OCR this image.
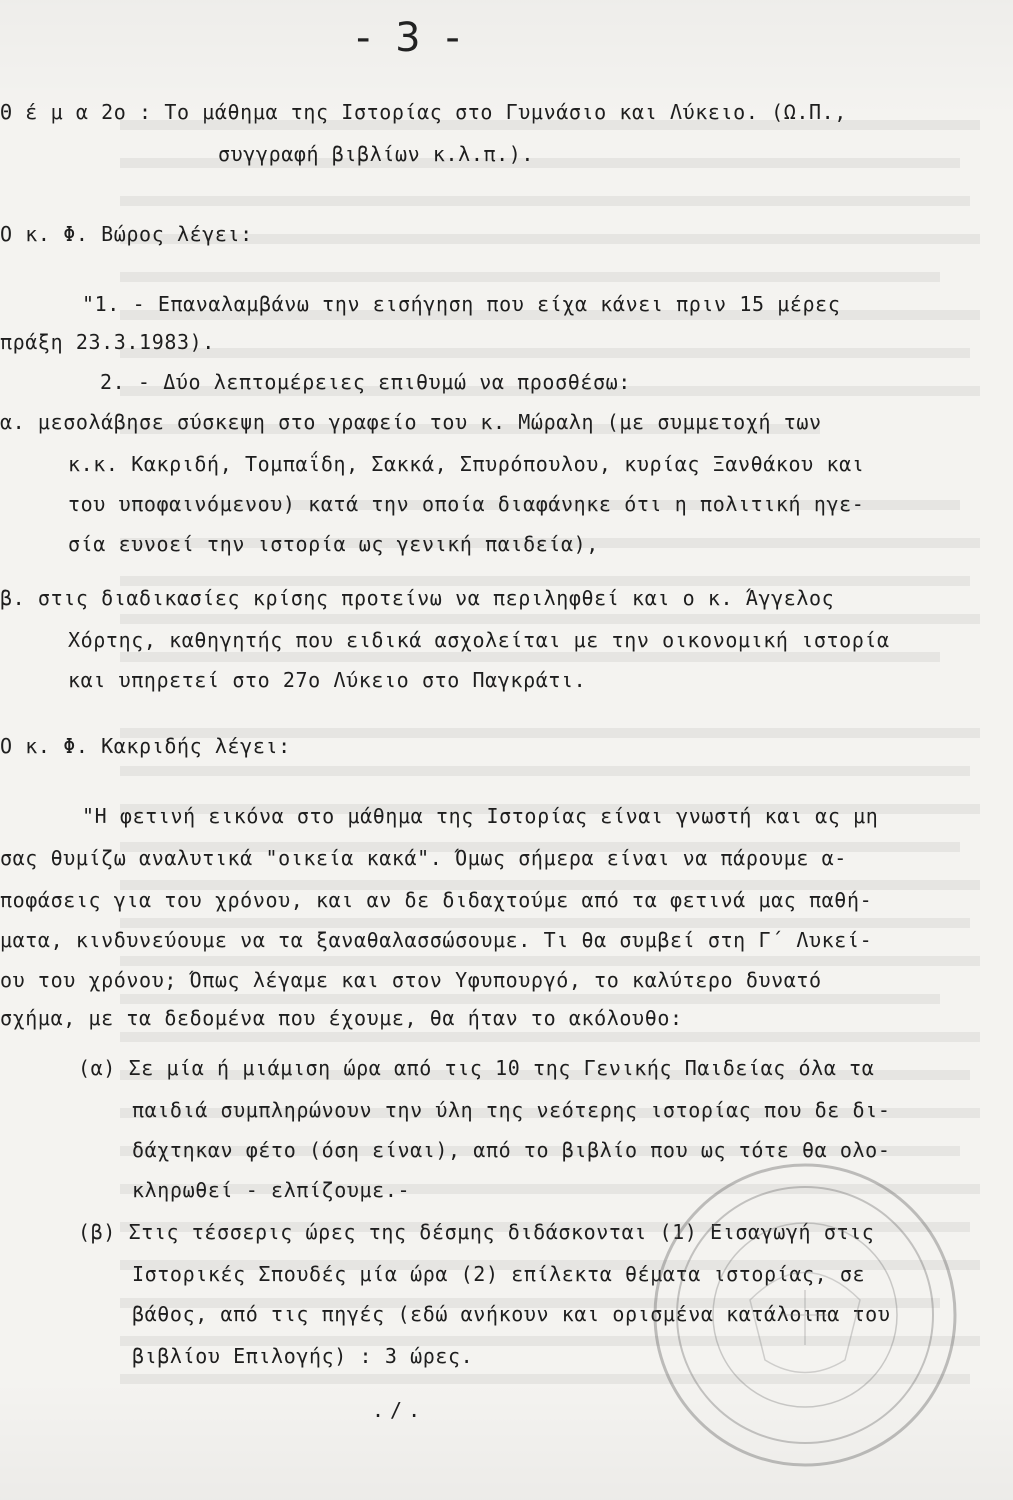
- 3 -
Θ έ μ α 2ο : Το μάθημα της Ιστορίας στο Γυμνάσιο και Λύκειο. (Ω.Π.,
συγγραφή βιβλίων κ.λ.π.).
Ο κ. Φ. Βώρος λέγει:
"1. - Επαναλαμβάνω την εισήγηση που είχα κάνει πριν 15 μέρες
πράξη 23.3.1983).
2. - Δύο λεπτομέρειες επιθυμώ να προσθέσω:
α. μεσολάβησε σύσκεψη στο γραφείο του κ. Μώραλη (με συμμετοχή των
κ.κ. Κακριδή, Τομπαΐδη, Σακκά, Σπυρόπουλου, κυρίας Ξανθάκου και
του υποφαινόμενου) κατά την οποία διαφάνηκε ότι η πολιτική ηγε-
σία ευνοεί την ιστορία ως γενική παιδεία),
β. στις διαδικασίες κρίσης προτείνω να περιληφθεί και ο κ. Άγγελος
Χόρτης, καθηγητής που ειδικά ασχολείται με την οικονομική ιστορία
και υπηρετεί στο 27ο Λύκειο στο Παγκράτι.
Ο κ. Φ. Κακριδής λέγει:
"Η φετινή εικόνα στο μάθημα της Ιστορίας είναι γνωστή και ας μη
σας θυμίζω αναλυτικά "οικεία κακά". Όμως σήμερα είναι να πάρουμε α-
ποφάσεις για του χρόνου, και αν δε διδαχτούμε από τα φετινά μας παθή-
ματα, κινδυνεύουμε να τα ξαναθαλασσώσουμε. Τι θα συμβεί στη Γ΄ Λυκεί-
ου του χρόνου; Όπως λέγαμε και στον Υφυπουργό, το καλύτερο δυνατό
σχήμα, με τα δεδομένα που έχουμε, θα ήταν το ακόλουθο:
(α) Σε μία ή μιάμιση ώρα από τις 10 της Γενικής Παιδείας όλα τα
παιδιά συμπληρώνουν την ύλη της νεότερης ιστορίας που δε δι-
δάχτηκαν φέτο (όση είναι), από το βιβλίο που ως τότε θα ολο-
κληρωθεί - ελπίζουμε.-
(β) Στις τέσσερις ώρες της δέσμης διδάσκονται (1) Εισαγωγή στις
Ιστορικές Σπουδές μία ώρα (2) επίλεκτα θέματα ιστορίας, σε
βάθος, από τις πηγές (εδώ ανήκουν και ορισμένα κατάλοιπα του
βιβλίου Επιλογής) : 3 ώρες.
./.
